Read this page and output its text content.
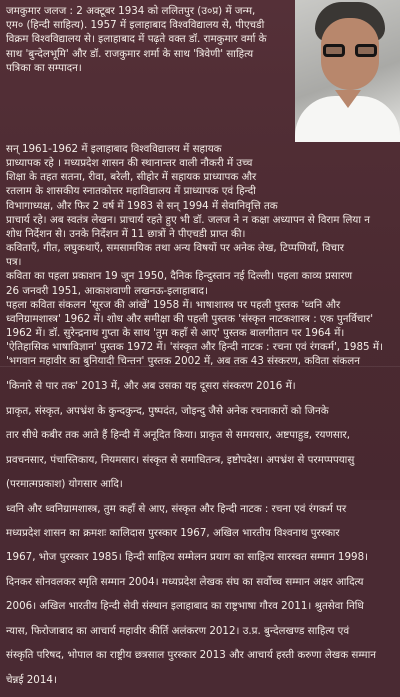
जमकुमार जलज : 2 अक्टूबर 1934 को ललितपुर (उ०प्र) में जन्म,
एम० (हिन्दी साहित्य). 1957 में इलाहाबाद विश्वविद्यालय से, पीएचडी
विक्रम विश्वविद्यालय से। इलाहाबाद में पढ़ते वक्त डॉ. रामकुमार वर्मा के
साथ 'बुन्देलभूमि' और डॉ. राजकुमार शर्मा के साथ 'त्रिवेणी' साहित्य
पत्रिका का सम्पादन।

सन् 1961-1962 में इलाहाबाद विश्वविद्यालय में सहायक

प्राध्यापक रहे । मध्यप्रदेश शासन की स्थानान्तर वाली नौकरी में उच्च

शिक्षा के तहत सतना, रीवा, बरेली, सीहोर में सहायक प्राध्यापक और

रतलाम के शासकीय स्नातकोत्तर महाविद्यालय में प्राध्यापक एवं हिन्दी

विभागाध्यक्ष, और फिर 2 वर्ष में 1983 से सन् 1994 में सेवानिवृत्ति तक

प्राचार्य रहे। अब स्वतंत्र लेखन। प्राचार्य रहते हुए भी डॉ. जलज ने न कक्षा अध्यापन से विराम लिया न

शोध निर्देशन से। उनके निर्देशन में 11 छात्रों ने पीएचडी प्राप्त की।

कविताएँ, गीत, लघुकथाएँ, समसामयिक तथा अन्य विषयों पर अनेक लेख, टिप्पणियाँ, विचार

पत्र।

कविता का पहला प्रकाशन 19 जून 1950, दैनिक हिन्दुस्तान नई दिल्ली। पहला काव्य प्रसारण

26 जनवरी 1951, आकाशवाणी लखनऊ-इलाहाबाद।

पहला कविता संकलन 'सूरज की आंखें' 1958 में। भाषाशास्त्र पर पहली पुस्तक 'ध्वनि और

ध्वनिग्रामशास्त्र' 1962 में। शोध और समीक्षा की पहली पुस्तक 'संस्कृत नाटकशास्त्र : एक पुनर्विचार'

1962 में। डॉ. सुरेन्द्रनाथ गुप्ता के साथ 'तुम कहाँ से आए' पुस्तक बालगीतान पर 1964 में।

'ऐतिहासिक भाषाविज्ञान' पुस्तक 1972 में। 'संस्कृत और हिन्दी नाटक : रचना एवं रंगकर्म', 1985 में।

'भगवान महावीर का बुनियादी चिन्तन' पुस्तक 2002 में, अब तक 43 संस्करण, कविता संकलन

'किनारे से पार तक' 2013 में, और अब उसका यह दूसरा संस्करण 2016 में।

प्राकृत, संस्कृत, अपभ्रंश के कुन्दकुन्द, पुष्पदंत, जोइन्दु जैसे अनेक रचनाकारों को जिनके

तार सीधे कबीर तक आते हैं हिन्दी में अनूदित किया। प्राकृत से समयसार, अष्टपाहुड, रयणसार,

प्रवचनसार, पंचास्तिकाय, नियमसार। संस्कृत से समाधितन्त्र, इष्टोपदेश। अपभ्रंश से परमप्पपयासु

(परमात्मप्रकाश) योगसार आदि।

ध्वनि और ध्वनिग्रामशास्त्र, तुम कहाँ से आए, संस्कृत और हिन्दी नाटक : रचना एवं रंगकर्म पर

मध्यप्रदेश शासन का क्रमशः कालिदास पुरस्कार 1967, अखिल भारतीय विश्वनाथ पुरस्कार

1967, भोज पुरस्कार 1985। हिन्दी साहित्य सम्मेलन प्रयाग का साहित्य सारस्वत सम्मान 1998।

दिनकर सोनवलकर स्मृति सम्मान 2004। मध्यप्रदेश लेखक संघ का सर्वोच्च सम्मान अक्षर आदित्य

2006। अखिल भारतीय हिन्दी सेवी संस्थान इलाहाबाद का राष्ट्रभाषा गौरव 2011। श्रुतसेवा निधि

न्यास, फिरोजाबाद का आचार्य महावीर कीर्ति अलंकरण 2012। उ.प्र. बुन्देलखण्ड साहित्य एवं

संस्कृति परिषद, भोपाल का राष्ट्रीय छत्रसाल पुरस्कार 2013 और आचार्य हस्ती करुणा लेखक सम्मान

चेन्नई 2014।
